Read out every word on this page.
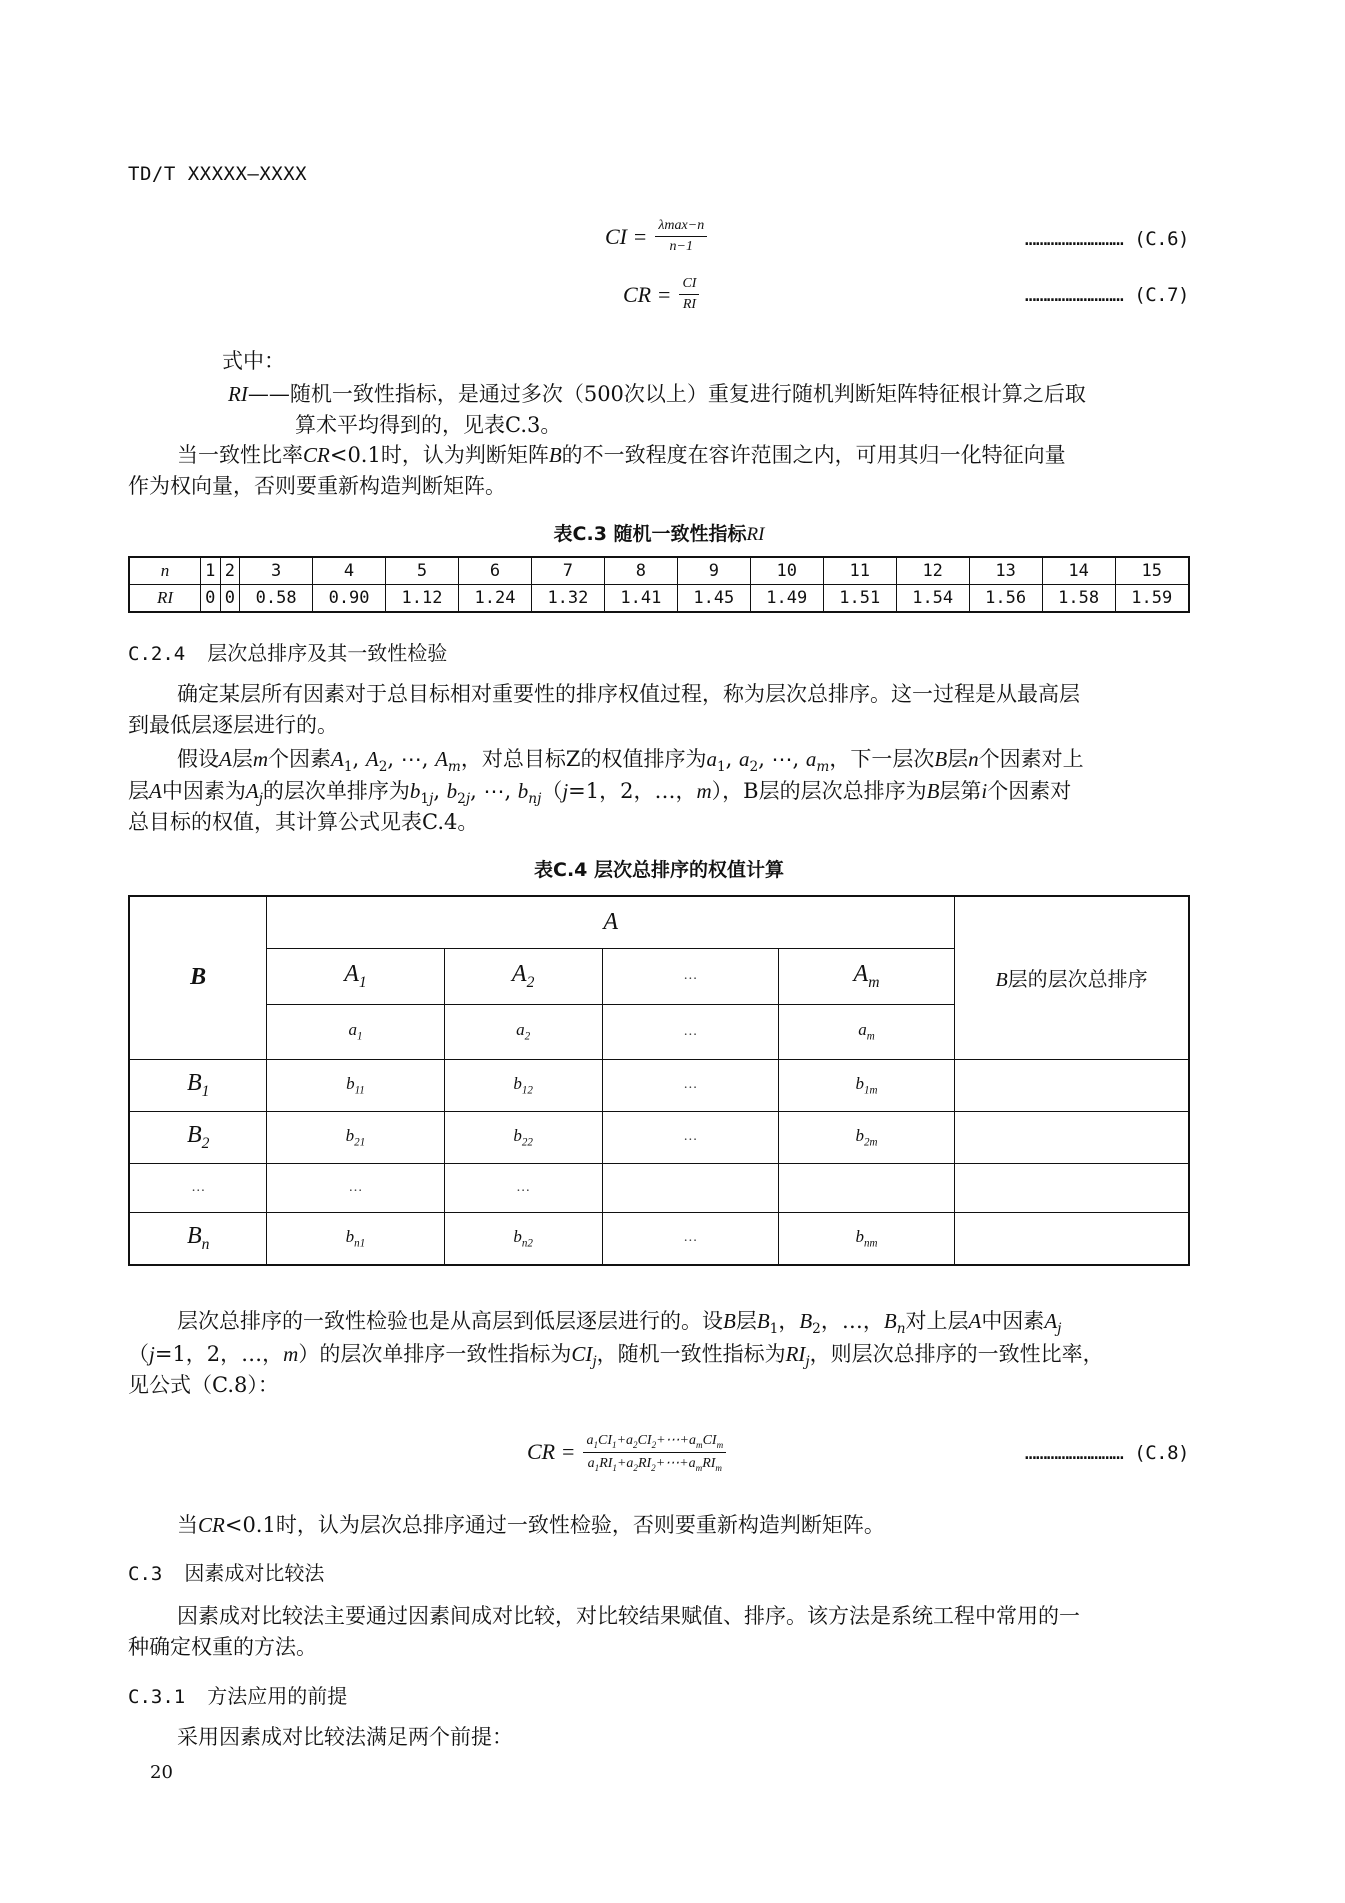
TD/T XXXXX—XXXX
CI = $\frac{\lambda\max-n}{n-1}$	……………………… (C.6)
CR = $\frac{CI}{RI}$	……………………… (C.7)
式中：
RI——随机一致性指标，是通过多次（500次以上）重复进行随机判断矩阵特征根计算之后取
算术平均得到的，见表C.3。
当一致性比率CR<0.1时，认为判断矩阵B的不一致程度在容许范围之内，可用其归一化特征向量
作为权向量，否则要重新构造判断矩阵。
表C.3 随机一致性指标RI
n	1	2	3	4	5	6	7	8	9	10	11	12	13	14	15
RI	0	0	0.58	0.90	1.12	1.24	1.32	1.41	1.45	1.49	1.51	1.54	1.56	1.58	1.59
C.2.4 层次总排序及其一致性检验
确定某层所有因素对于总目标相对重要性的排序权值过程，称为层次总排序。这一过程是从最高层
到最低层逐层进行的。
假设A层m个因素$A_1$, $A_2$, ⋯, $A_m$，对总目标Z的权值排序为$a_1$, $a_2$, ⋯, $a_m$，下一层次B层n个因素对上
层A中因素为$A_j$的层次单排序为$b_{1j}$, $b_{2j}$, ⋯, $b_{nj}(j=1$，2，…，m），B层的层次总排序为B层第i个因素对
总目标的权值，其计算公式见表C.4。
表C.4 层次总排序的权值计算
B	A				B层的层次总排序
	$A_1$	$A_2$	…	$A_m$
	$a_1$	$a_2$	…	$a_m$
$B_1$	$b_{11}$	$b_{12}$	…	$b_{1m}$	
$B_2$	$b_{21}$	$b_{22}$	…	$b_{2m}$	
…	…	…			
$B_n$	$b_{n1}$	$b_{n2}$	…	$b_{nm}$	
层次总排序的一致性检验也是从高层到低层逐层进行的。设B层$B_1$，$B_2$，…，$B_n$对上层A中因素$A_j$
（j=1，2，…，m）的层次单排序一致性指标为$CI_j$，随机一致性指标为$RI_j$，则层次总排序的一致性比率，
见公式（C.8）：
CR = $\frac{a_1CI_1+a_2CI_2+\cdots+a_mCI_m}{a_1RI_1+a_2RI_2+\cdots+a_mRI_m}$	……………………… (C.8)
当CR<0.1时，认为层次总排序通过一致性检验，否则要重新构造判断矩阵。
C.3 因素成对比较法
因素成对比较法主要通过因素间成对比较，对比较结果赋值、排序。该方法是系统工程中常用的一
种确定权重的方法。
C.3.1 方法应用的前提
采用因素成对比较法满足两个前提：
20
